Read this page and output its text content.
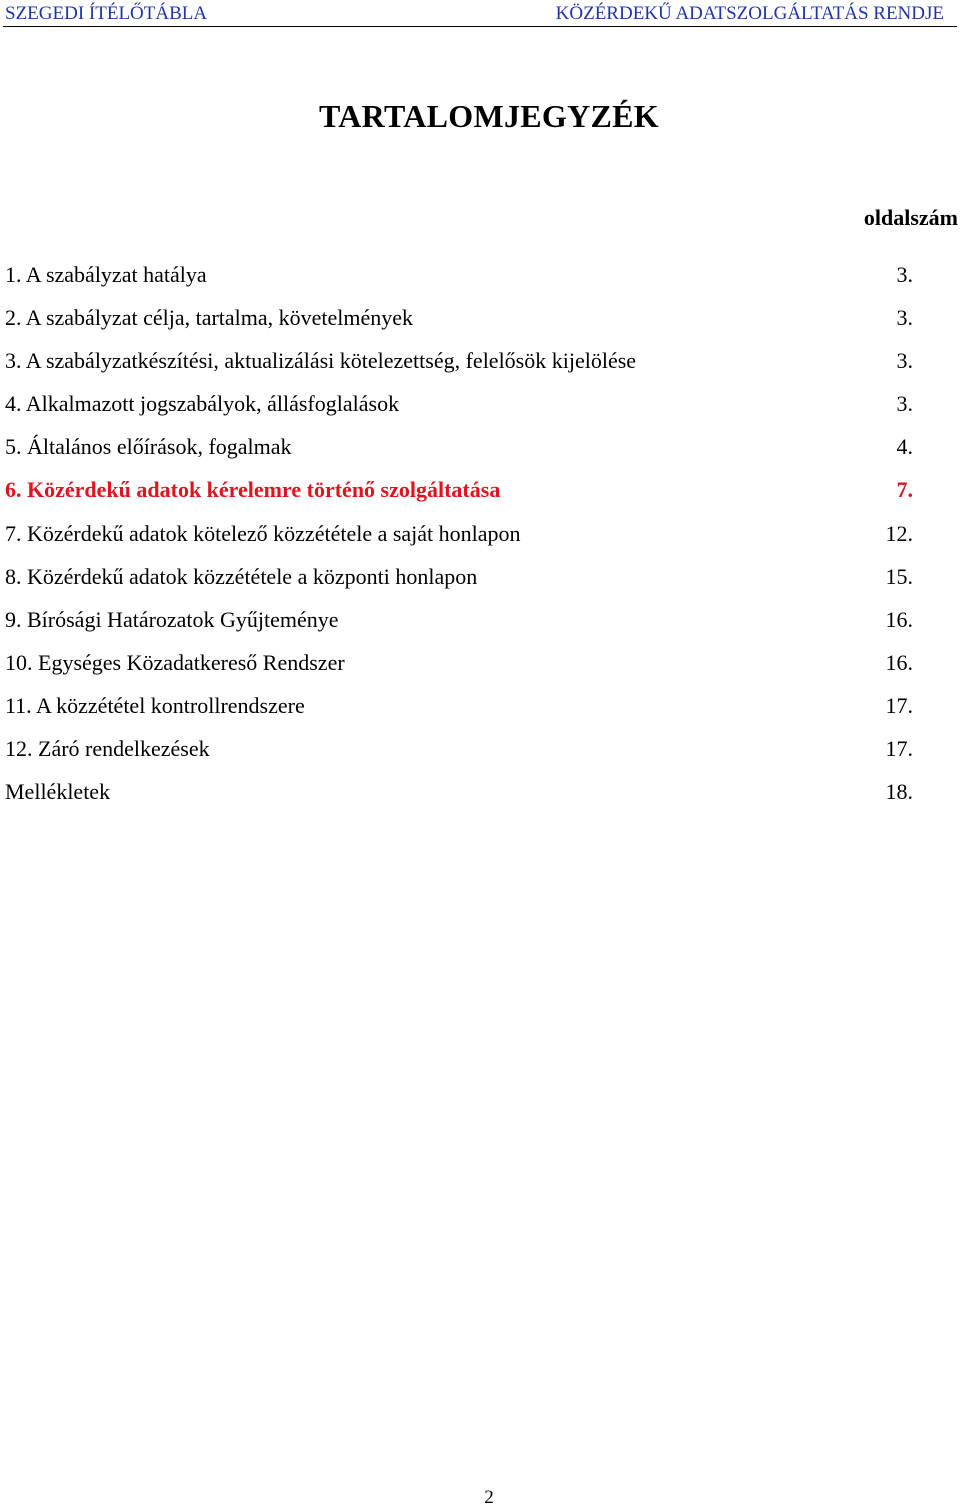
SZEGEDI ÍTÉLŐTÁBLA	KÖZÉRDEKŰ ADATSZOLGÁLTATÁS RENDJE
TARTALOMJEGYZÉK
oldalszám
1. A szabályzat hatálya	3.
2. A szabályzat célja, tartalma, követelmények	3.
3. A szabályzatkészítési, aktualizálási kötelezettség, felelősök kijelölése	3.
4. Alkalmazott jogszabályok, állásfoglalások	3.
5. Általános előírások, fogalmak	4.
6. Közérdekű adatok kérelemre történő szolgáltatása	7.
7. Közérdekű adatok kötelező közzététele a saját honlapon	12.
8. Közérdekű adatok közzététele a központi honlapon	15.
9. Bírósági Határozatok Gyűjteménye	16.
10. Egységes Közadatkereső Rendszer	16.
11. A közzététel kontrollrendszere	17.
12. Záró rendelkezések	17.
Mellékletek	18.
2
